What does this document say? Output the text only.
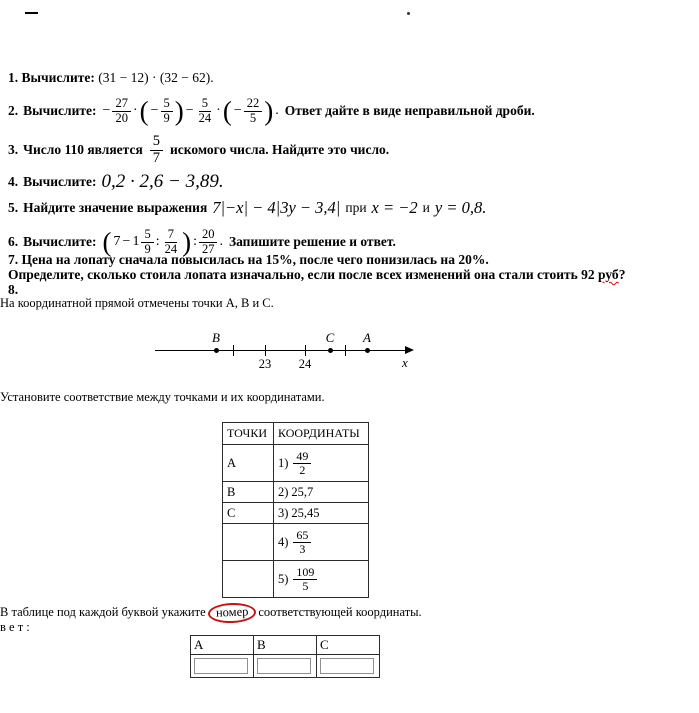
1. Вычислите: (31 − 12) · (32 − 62).
2. Вычислите: − $\frac{27}{20}$ · ( − $\frac{5}{9}$ ) − $\frac{5}{24}$ · ( − $\frac{22}{5}$ ) . Ответ дайте в виде неправильной дроби.
3. Число 110 является $\frac{5}{7}$ искомого числа. Найдите это число.
4. Вычислите: 0,2 · 2,6 − 3,89.
5. Найдите значение выражения 7|−x| − 4|3y − 3,4| при x = −2 и y = 0,8.
6. Вычислите: ( $7 - 1 \frac{5}{9}$ : $\frac{7}{24}$ ) : $\frac{20}{27}$ . Запишите решение и ответ.
7. Цена на лопату сначала повысилась на 15%, после чего понизилась на 20%.
Определите, сколько стоила лопата изначально, если после всех изменений она стали стоить 92 руб?
8.
На координатной прямой отмечены точки A, B и C.
23	24
B	C	A
x
Установите соответствие между точками и их координатами.
ТОЧКИ	КООРДИНАТЫ
A	$1) \frac{49}{2}$

B	2) 25,7

C	3) 25,45

	$4) \frac{65}{3}$

	$5) \frac{109}{5}$
В таблице под каждой буквой укажите номер соответствующей координаты.
в е т :
A	B	C
